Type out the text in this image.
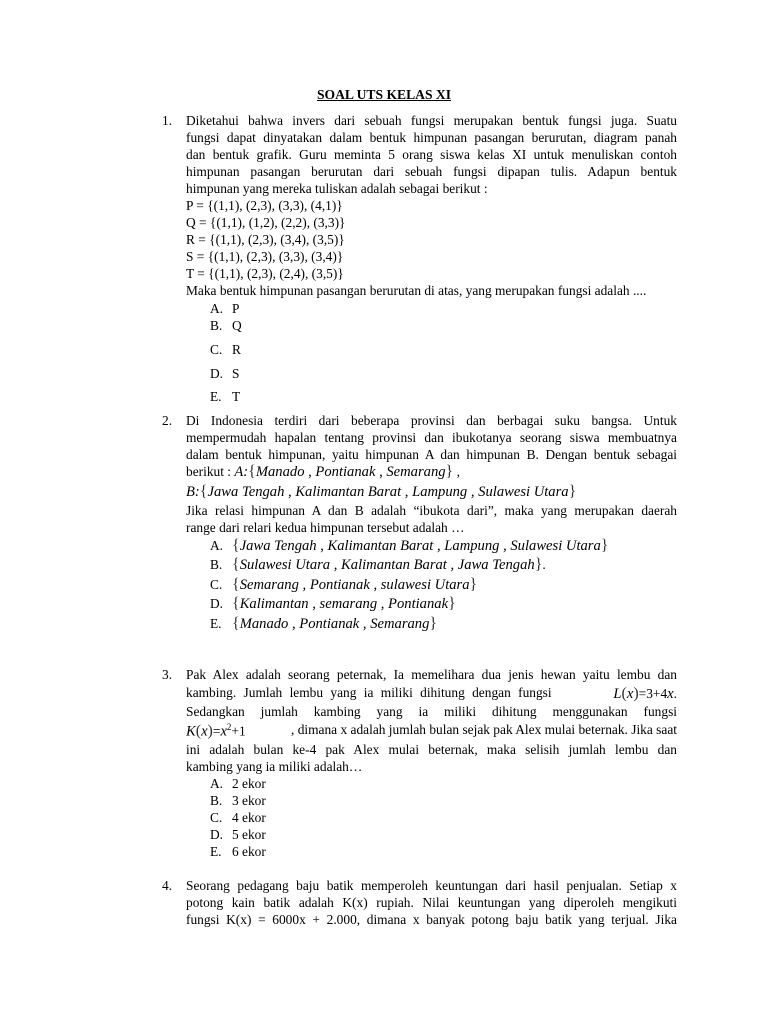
SOAL UTS KELAS XI
1. Diketahui bahwa invers dari sebuah fungsi merupakan bentuk fungsi juga. Suatu
fungsi dapat dinyatakan dalam bentuk himpunan pasangan berurutan, diagram panah
dan bentuk grafik. Guru meminta 5 orang siswa kelas XI untuk menuliskan contoh
himpunan pasangan berurutan dari sebuah fungsi dipapan tulis. Adapun bentuk
himpunan yang mereka tuliskan adalah sebagai berikut :
P = {(1,1), (2,3), (3,3), (4,1)}
Q = {(1,1), (1,2), (2,2), (3,3)}
R = {(1,1), (2,3), (3,4), (3,5)}
S = {(1,1), (2,3), (3,3), (3,4)}
T = {(1,1), (2,3), (2,4), (3,5)}
Maka bentuk himpunan pasangan berurutan di atas, yang merupakan fungsi adalah ....
A. P
B. Q
C. R
D. S
E. T
2. Di Indonesia terdiri dari beberapa provinsi dan berbagai suku bangsa. Untuk
mempermudah hapalan tentang provinsi dan ibukotanya seorang siswa membuatnya
dalam bentuk himpunan, yaitu himpunan A dan himpunan B. Dengan bentuk sebagai
berikut : A:{Manado , Pontianak , Semarang} ,
B:{Jawa Tengah , Kalimantan Barat , Lampung , Sulawesi Utara}
Jika relasi himpunan A dan B adalah “ibukota dari”, maka yang merupakan daerah
range dari relari kedua himpunan tersebut adalah …
A. {Jawa Tengah , Kalimantan Barat , Lampung , Sulawesi Utara}
B. {Sulawesi Utara , Kalimantan Barat , Jawa Tengah}.
C. {Semarang , Pontianak , sulawesi Utara}
D. {Kalimantan , semarang , Pontianak}
E. {Manado , Pontianak , Semarang}
3. Pak Alex adalah seorang peternak, Ia memelihara dua jenis hewan yaitu lembu dan
kambing. Jumlah lembu yang ia miliki dihitung dengan fungsi	L(x)=3+4x.
Sedangkan jumlah kambing yang ia miliki dihitung menggunakan fungsi
$K(x)=x^2+1$	, dimana x adalah jumlah bulan sejak pak Alex mulai beternak. Jika saat
ini adalah bulan ke-4 pak Alex mulai beternak, maka selisih jumlah lembu dan
kambing yang ia miliki adalah…
A. 2 ekor
B. 3 ekor
C. 4 ekor
D. 5 ekor
E. 6 ekor
4. Seorang pedagang baju batik memperoleh keuntungan dari hasil penjualan. Setiap x
potong kain batik adalah K(x) rupiah. Nilai keuntungan yang diperoleh mengikuti
fungsi K(x) = 6000x + 2.000, dimana x banyak potong baju batik yang terjual. Jika
